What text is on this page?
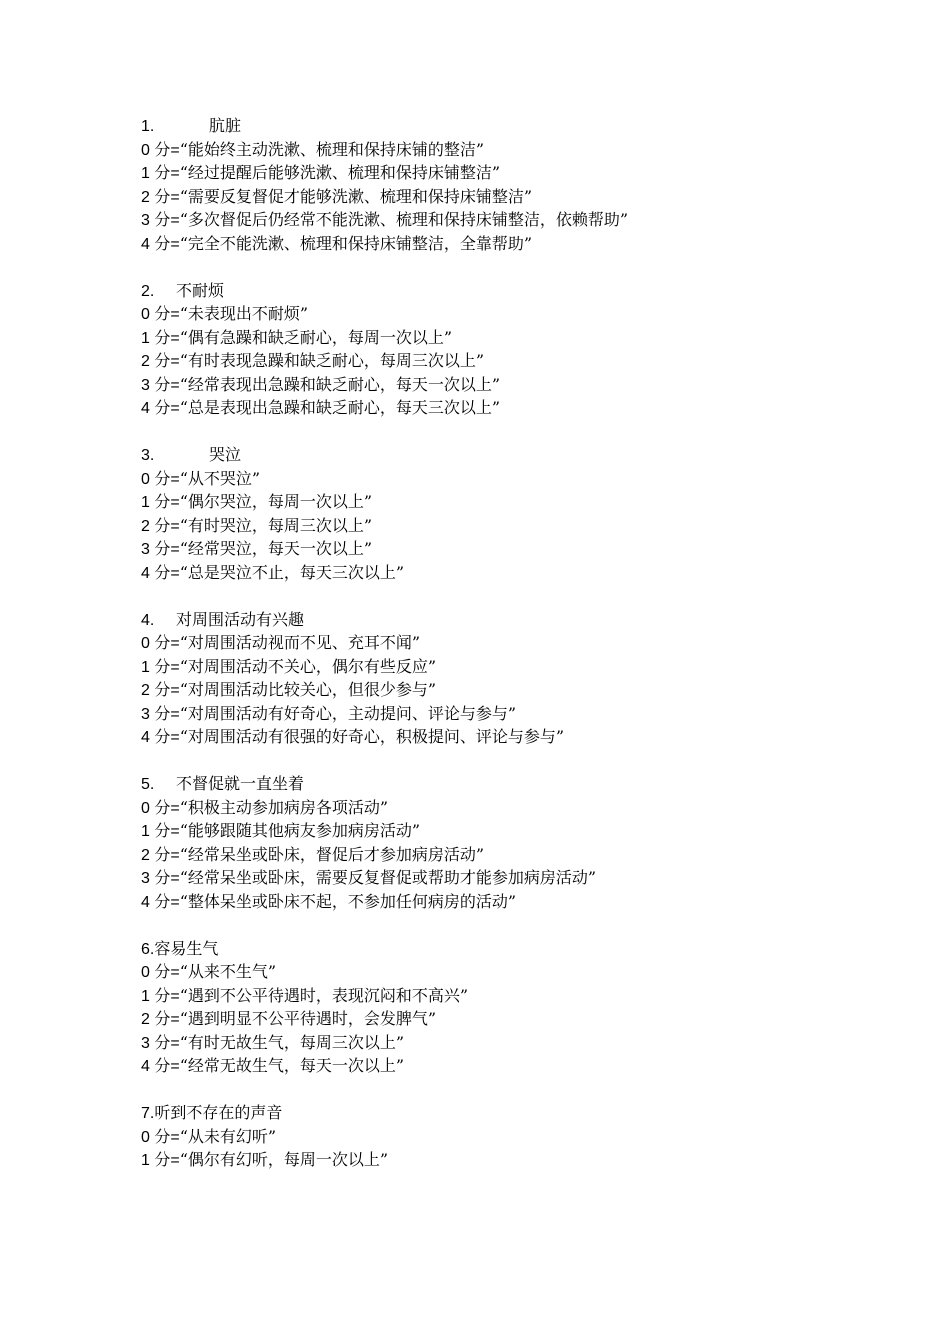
1.	肮脏
0 分=“能始终主动洗漱、梳理和保持床铺的整洁”
1 分=“经过提醒后能够洗漱、梳理和保持床铺整洁”
2 分=“需要反复督促才能够洗漱、梳理和保持床铺整洁”
3 分=“多次督促后仍经常不能洗漱、梳理和保持床铺整洁，依赖帮助”
4 分=“完全不能洗漱、梳理和保持床铺整洁，全靠帮助”
2. 不耐烦
0 分=“未表现出不耐烦”
1 分=“偶有急躁和缺乏耐心，每周一次以上”
2 分=“有时表现急躁和缺乏耐心，每周三次以上”
3 分=“经常表现出急躁和缺乏耐心，每天一次以上”
4 分=“总是表现出急躁和缺乏耐心，每天三次以上”
3.	哭泣
0 分=“从不哭泣”
1 分=“偶尔哭泣，每周一次以上”
2 分=“有时哭泣，每周三次以上”
3 分=“经常哭泣，每天一次以上”
4 分=“总是哭泣不止，每天三次以上”
4. 对周围活动有兴趣
0 分=“对周围活动视而不见、充耳不闻”
1 分=“对周围活动不关心，偶尔有些反应”
2 分=“对周围活动比较关心，但很少参与”
3 分=“对周围活动有好奇心，主动提问、评论与参与”
4 分=“对周围活动有很强的好奇心，积极提问、评论与参与”
5. 不督促就一直坐着
0 分=“积极主动参加病房各项活动”
1 分=“能够跟随其他病友参加病房活动”
2 分=“经常呆坐或卧床，督促后才参加病房活动”
3 分=“经常呆坐或卧床，需要反复督促或帮助才能参加病房活动”
4 分=“整体呆坐或卧床不起，不参加任何病房的活动”
6.容易生气
0 分=“从来不生气”
1 分=“遇到不公平待遇时，表现沉闷和不高兴”
2 分=“遇到明显不公平待遇时，会发脾气”
3 分=“有时无故生气，每周三次以上”
4 分=“经常无故生气，每天一次以上”
7.听到不存在的声音
0 分=“从未有幻听”
1 分=“偶尔有幻听，每周一次以上”
